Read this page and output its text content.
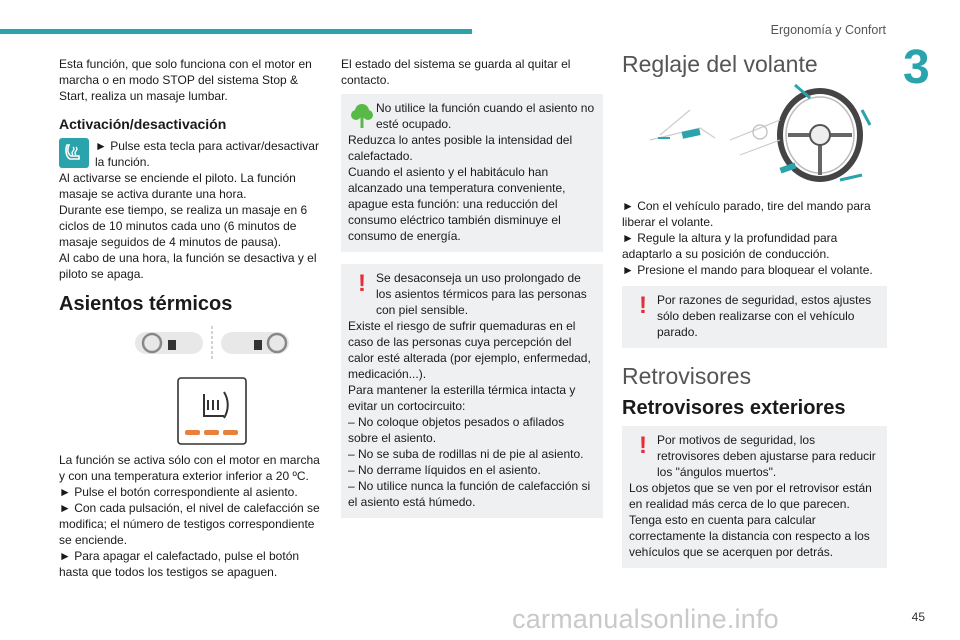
Ergonomía y Confort
3

Esta función, que solo funciona con el motor en marcha o en modo STOP del sistema Stop & Start, realiza un masaje lumbar.

Activación/desactivación

► Pulse esta tecla para activar/desactivar la función.

Al activarse se enciende el piloto. La función masaje se activa durante una hora.

Durante ese tiempo, se realiza un masaje en 6 ciclos de 10 minutos cada uno (6 minutos de masaje seguidos de 4 minutos de pausa).

Al cabo de una hora, la función se desactiva y el piloto se apaga.

Asientos térmicos

La función se activa sólo con el motor en marcha y con una temperatura exterior inferior a 20 ºC.

► Pulse el botón correspondiente al asiento.

► Con cada pulsación, el nivel de calefacción se modifica; el número de testigos correspondiente se enciende.

► Para apagar el calefactado, pulse el botón hasta que todos los testigos se apaguen.

El estado del sistema se guarda al quitar el contacto.

No utilice la función cuando el asiento no esté ocupado.

Reduzca lo antes posible la intensidad del calefactado.

Cuando el asiento y el habitáculo han alcanzado una temperatura conveniente, apague esta función: una reducción del consumo eléctrico también disminuye el consumo de energía.

! Se desaconseja un uso prolongado de los asientos térmicos para las personas con piel sensible.

Existe el riesgo de sufrir quemaduras en el caso de las personas cuya percepción del calor esté alterada (por ejemplo, enfermedad, medicación...).

Para mantener la esterilla térmica intacta y evitar un cortocircuito:

– No coloque objetos pesados o afilados sobre el asiento.

– No se suba de rodillas ni de pie al asiento.

– No derrame líquidos en el asiento.

– No utilice nunca la función de calefacción si el asiento está húmedo.

Reglaje del volante

► Con el vehículo parado, tire del mando para liberar el volante.

► Regule la altura y la profundidad para adaptarlo a su posición de conducción.

► Presione el mando para bloquear el volante.

! Por razones de seguridad, estos ajustes sólo deben realizarse con el vehículo parado.

Retrovisores
Retrovisores exteriores
! Por motivos de seguridad, los retrovisores deben ajustarse para reducir los "ángulos muertos".

Los objetos que se ven por el retrovisor están en realidad más cerca de lo que parecen. Tenga esto en cuenta para calcular correctamente la distancia con respecto a los vehículos que se acerquen por detrás.

carmanualsonline.info	45
